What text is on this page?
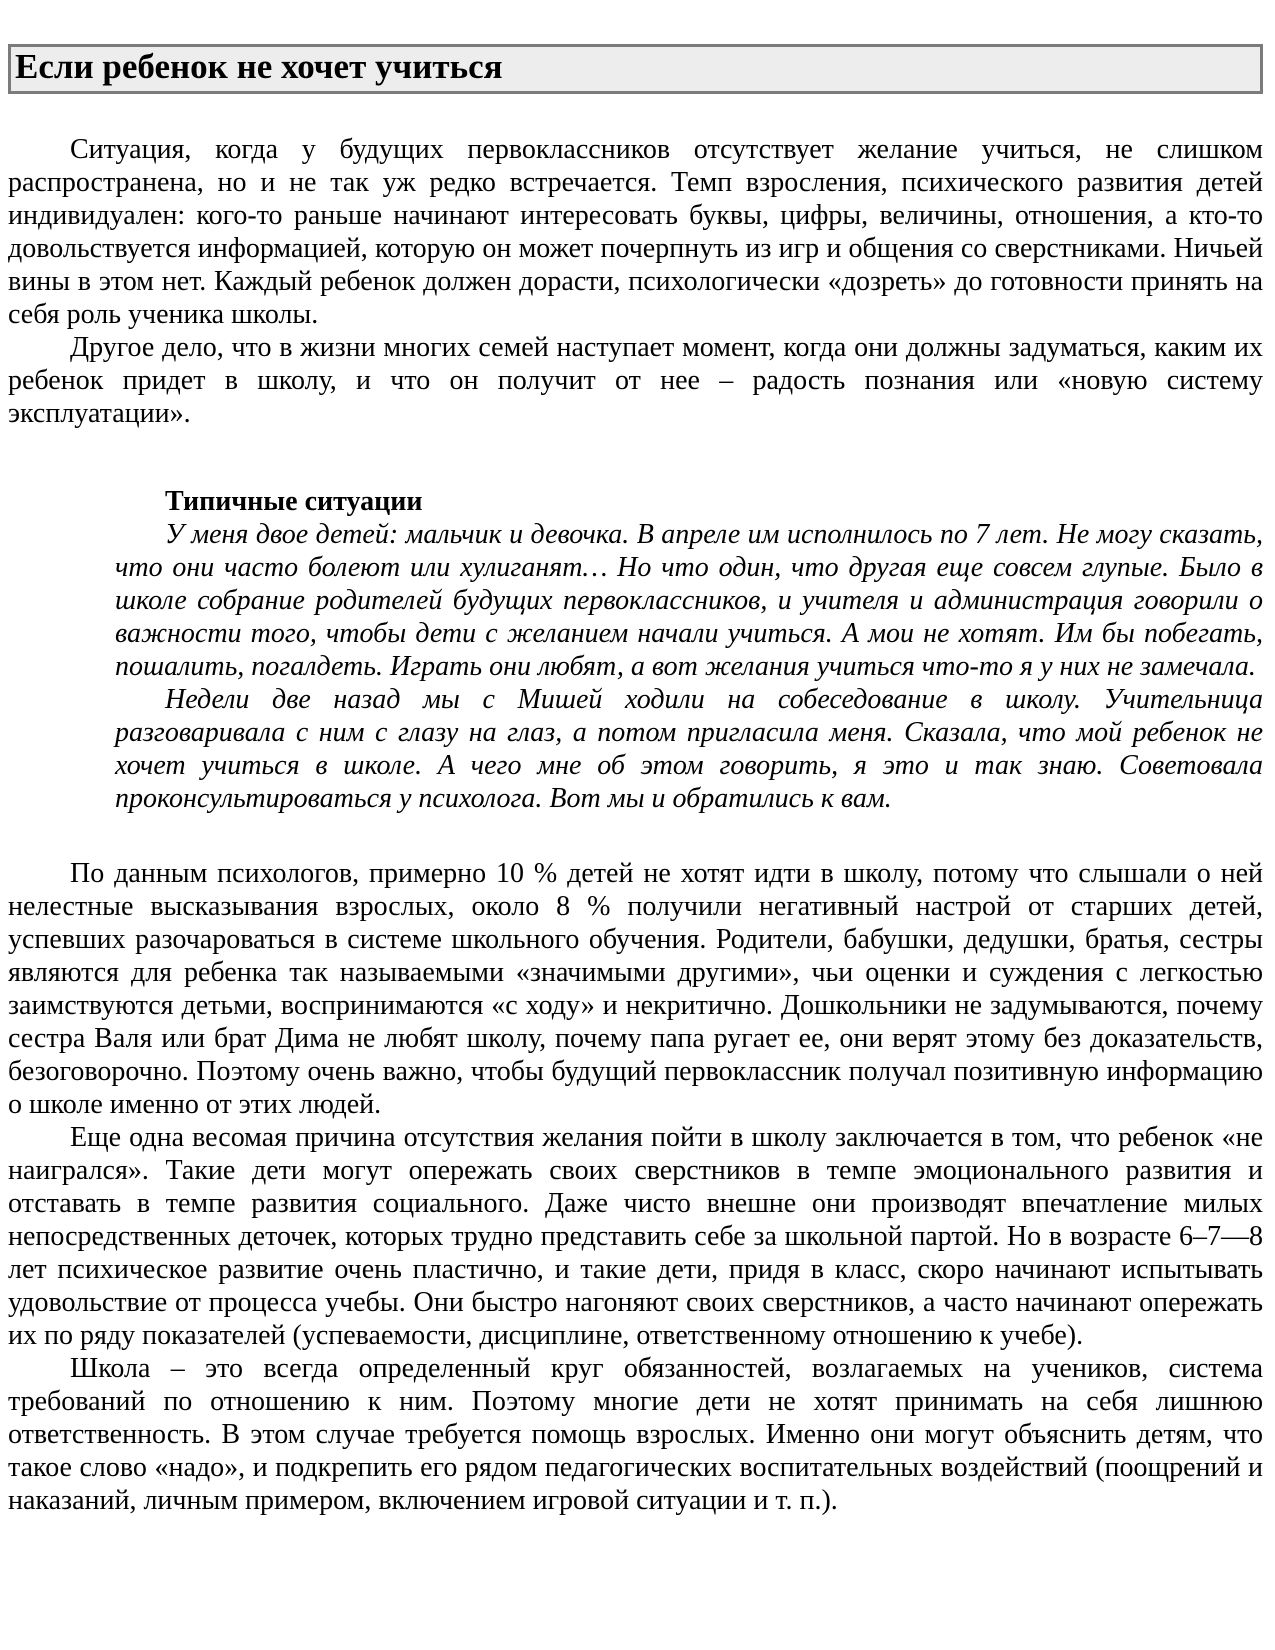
Если ребенок не хочет учиться

Ситуация, когда у будущих первоклассников отсутствует желание учиться, не слишком распространена, но и не так уж редко встречается. Темп взросления, психического развития детей индивидуален: кого-то раньше начинают интересовать буквы, цифры, величины, отношения, а кто-то довольствуется информацией, которую он может почерпнуть из игр и общения со сверстниками. Ничьей вины в этом нет. Каждый ребенок должен дорасти, психологически «дозреть» до готовности принять на себя роль ученика школы.

Другое дело, что в жизни многих семей наступает момент, когда они должны задуматься, каким их ребенок придет в школу, и что он получит от нее – радость познания или «новую систему эксплуатации».

Типичные ситуации

У меня двое детей: мальчик и девочка. В апреле им исполнилось по 7 лет. Не могу сказать, что они часто болеют или хулиганят… Но что один, что другая еще совсем глупые. Было в школе собрание родителей будущих первоклассников, и учителя и администрация говорили о важности того, чтобы дети с желанием начали учиться. А мои не хотят. Им бы побегать, пошалить, погалдеть. Играть они любят, а вот желания учиться что-то я у них не замечала.

Недели две назад мы с Мишей ходили на собеседование в школу. Учительница разговаривала с ним с глазу на глаз, а потом пригласила меня. Сказала, что мой ребенок не хочет учиться в школе. А чего мне об этом говорить, я это и так знаю. Советовала проконсультироваться у психолога. Вот мы и обратились к вам.

По данным психологов, примерно 10 % детей не хотят идти в школу, потому что слышали о ней нелестные высказывания взрослых, около 8 % получили негативный настрой от старших детей, успевших разочароваться в системе школьного обучения. Родители, бабушки, дедушки, братья, сестры являются для ребенка так называемыми «значимыми другими», чьи оценки и суждения с легкостью заимствуются детьми, воспринимаются «с ходу» и некритично. Дошкольники не задумываются, почему сестра Валя или брат Дима не любят школу, почему папа ругает ее, они верят этому без доказательств, безоговорочно. Поэтому очень важно, чтобы будущий первоклассник получал позитивную информацию о школе именно от этих людей.

Еще одна весомая причина отсутствия желания пойти в школу заключается в том, что ребенок «не наигрался». Такие дети могут опережать своих сверстников в темпе эмоционального развития и отставать в темпе развития социального. Даже чисто внешне они производят впечатление милых непосредственных деточек, которых трудно представить себе за школьной партой. Но в возрасте 6–7—8 лет психическое развитие очень пластично, и такие дети, придя в класс, скоро начинают испытывать удовольствие от процесса учебы. Они быстро нагоняют своих сверстников, а часто начинают опережать их по ряду показателей (успеваемости, дисциплине, ответственному отношению к учебе).

Школа – это всегда определенный круг обязанностей, возлагаемых на учеников, система требований по отношению к ним. Поэтому многие дети не хотят принимать на себя лишнюю ответственность. В этом случае требуется помощь взрослых. Именно они могут объяснить детям, что такое слово «надо», и подкрепить его рядом педагогических воспитательных воздействий (поощрений и наказаний, личным примером, включением игровой ситуации и т. п.).
